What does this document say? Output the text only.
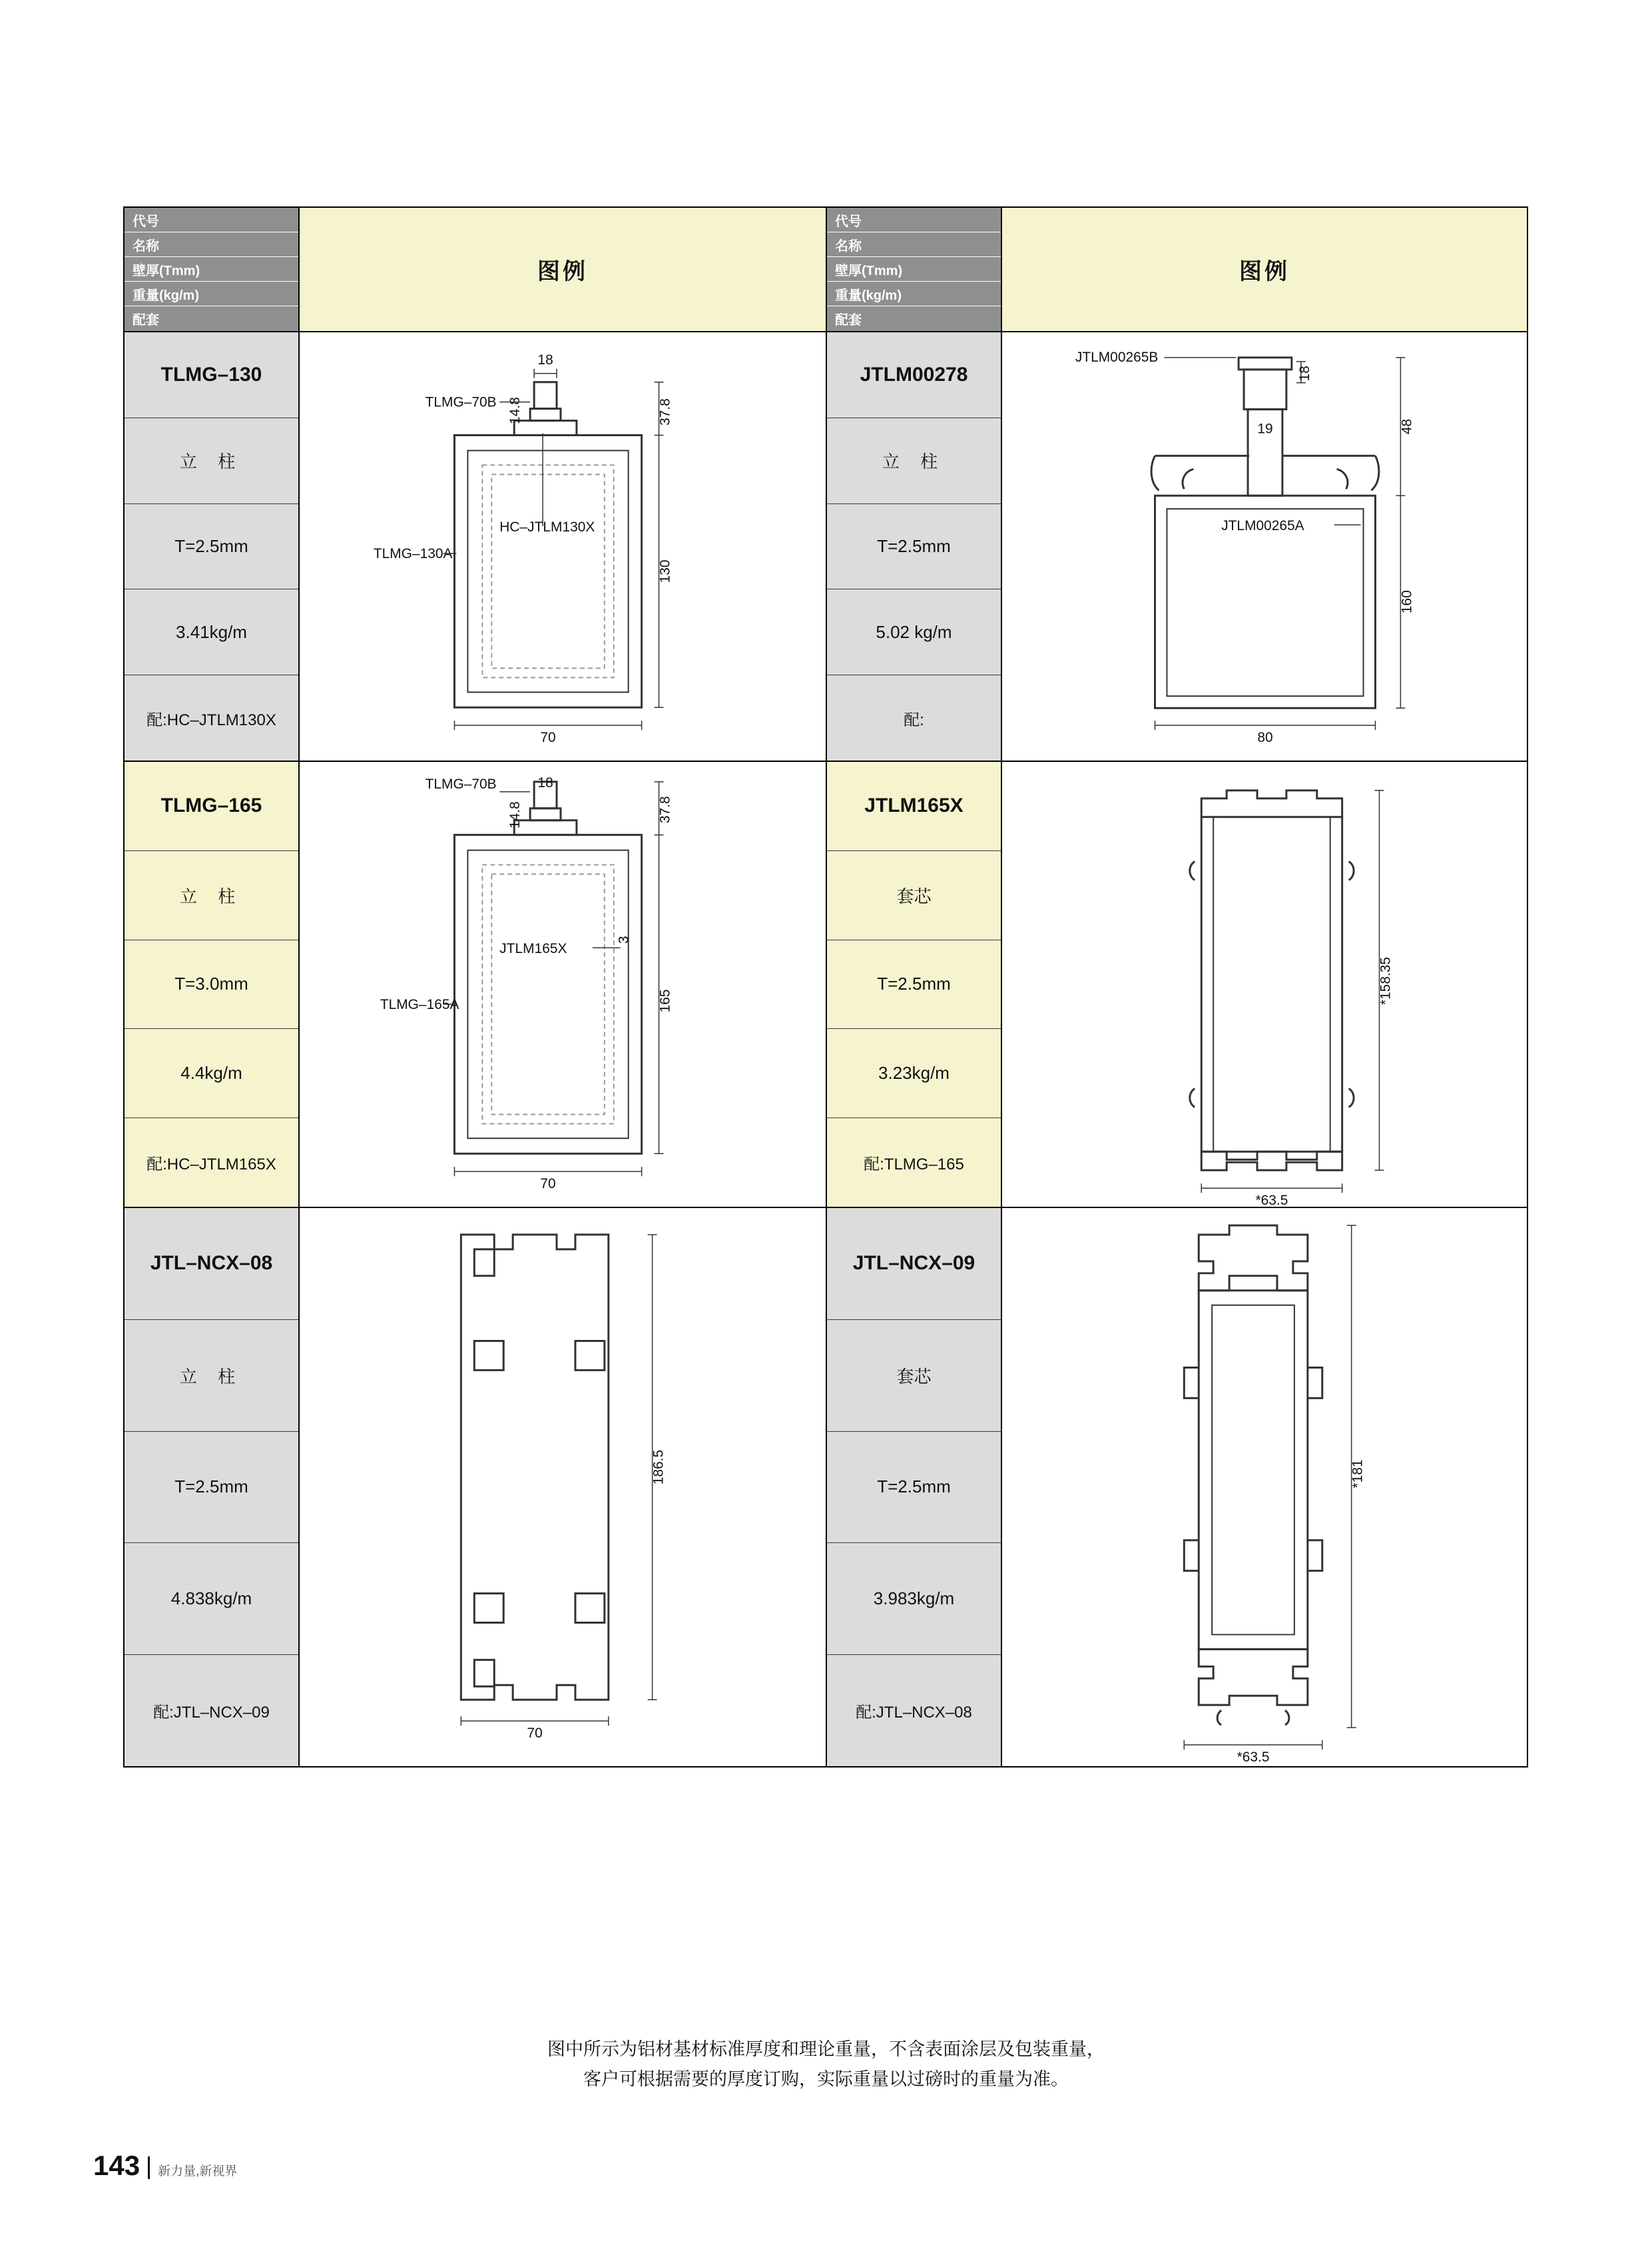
代号
名称
壁厚(Tmm)
重量(kg/m)
配套
图例
TLMG–130
立 柱
T=2.5mm
3.41kg/m
配:HC–JTLM130X
18
37.8
14.8
130
70
TLMG–70B
HC–JTLM130X
TLMG–130A
TLMG–165
立 柱
T=3.0mm
4.4kg/m
配:HC–JTLM165X
18
37.8
14.8
3
165
70
TLMG–70B
JTLM165X
TLMG–165A
JTL–NCX–08
立 柱
T=2.5mm
4.838kg/m
配:JTL–NCX–09
186.5
70
代号
名称
壁厚(Tmm)
重量(kg/m)
配套
图例
JTLM00278
立 柱
T=2.5mm
5.02 kg/m
配:
18
48
19
160
80
JTLM00265B
JTLM00265A
JTLM165X
套芯
T=2.5mm
3.23kg/m
配:TLMG–165
*158.35
*63.5
JTL–NCX–09
套芯
T=2.5mm
3.983kg/m
配:JTL–NCX–08
*181
*63.5
图中所示为铝材基材标准厚度和理论重量，不含表面涂层及包装重量，
客户可根据需要的厚度订购，实际重量以过磅时的重量为准。
143 新力量,新视界
